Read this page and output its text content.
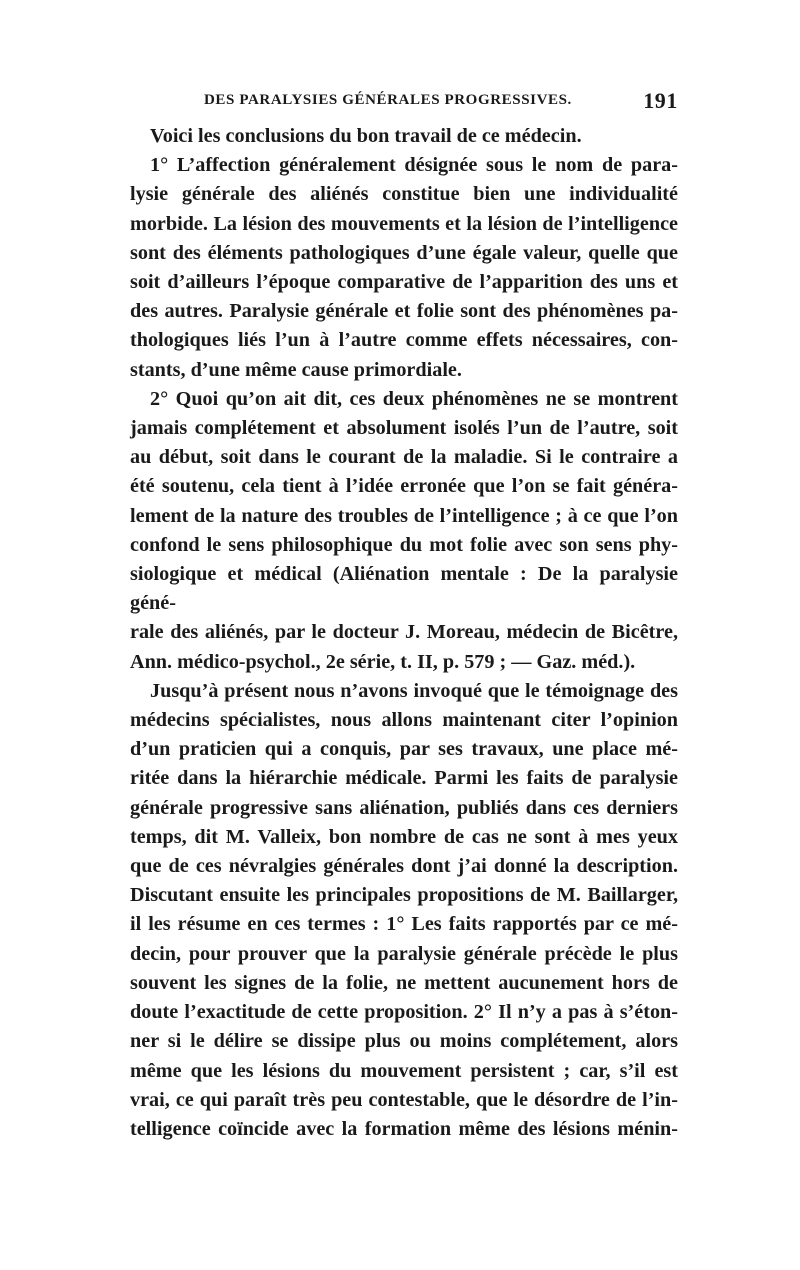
DES PARALYSIES GÉNÉRALES PROGRESSIVES.	191

Voici les conclusions du bon travail de ce médecin.

1° L’affection généralement désignée sous le nom de para-
lysie générale des aliénés constitue bien une individualité
morbide. La lésion des mouvements et la lésion de l’intelligence
sont des éléments pathologiques d’une égale valeur, quelle que
soit d’ailleurs l’époque comparative de l’apparition des uns et
des autres. Paralysie générale et folie sont des phénomènes pa-
thologiques liés l’un à l’autre comme effets nécessaires, con-
stants, d’une même cause primordiale.

2° Quoi qu’on ait dit, ces deux phénomènes ne se montrent
jamais complétement et absolument isolés l’un de l’autre, soit
au début, soit dans le courant de la maladie. Si le contraire a
été soutenu, cela tient à l’idée erronée que l’on se fait généra-
lement de la nature des troubles de l’intelligence ; à ce que l’on
confond le sens philosophique du mot folie avec son sens phy-
siologique et médical (Aliénation mentale : De la paralysie géné-
rale des aliénés, par le docteur J. Moreau, médecin de Bicêtre,
Ann. médico-psychol., 2e série, t. II, p. 579 ; — Gaz. méd.).

Jusqu’à présent nous n’avons invoqué que le témoignage des
médecins spécialistes, nous allons maintenant citer l’opinion
d’un praticien qui a conquis, par ses travaux, une place mé-
ritée dans la hiérarchie médicale. Parmi les faits de paralysie
générale progressive sans aliénation, publiés dans ces derniers
temps, dit M. Valleix, bon nombre de cas ne sont à mes yeux
que de ces névralgies générales dont j’ai donné la description.
Discutant ensuite les principales propositions de M. Baillarger,
il les résume en ces termes : 1° Les faits rapportés par ce mé-
decin, pour prouver que la paralysie générale précède le plus
souvent les signes de la folie, ne mettent aucunement hors de
doute l’exactitude de cette proposition. 2° Il n’y a pas à s’éton-
ner si le délire se dissipe plus ou moins complétement, alors
même que les lésions du mouvement persistent ; car, s’il est
vrai, ce qui paraît très peu contestable, que le désordre de l’in-
telligence coïncide avec la formation même des lésions ménin-
